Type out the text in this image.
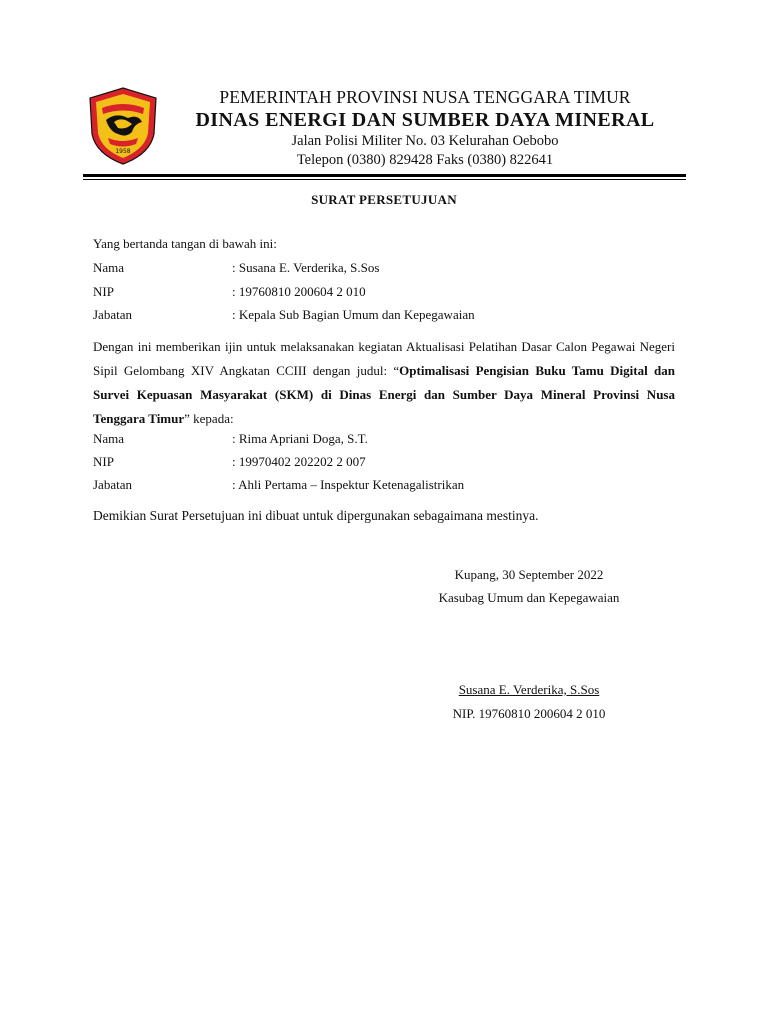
1958
PEMERINTAH PROVINSI NUSA TENGGARA TIMUR
DINAS ENERGI DAN SUMBER DAYA MINERAL
Jalan Polisi Militer No. 03 Kelurahan Oebobo
Telepon (0380) 829428 Faks (0380) 822641
SURAT PERSETUJUAN
Yang bertanda tangan di bawah ini:
Nama	: Susana E. Verderika, S.Sos
NIP	: 19760810 200604 2 010
Jabatan	: Kepala Sub Bagian Umum dan Kepegawaian
Dengan ini memberikan ijin untuk melaksanakan kegiatan Aktualisasi Pelatihan Dasar Calon Pegawai Negeri Sipil Gelombang XIV Angkatan CCIII dengan judul: “Optimalisasi Pengisian Buku Tamu Digital dan Survei Kepuasan Masyarakat (SKM) di Dinas Energi dan Sumber Daya Mineral Provinsi Nusa Tenggara Timur” kepada:
Nama	: Rima Apriani Doga, S.T.
NIP	: 19970402 202202 2 007
Jabatan	: Ahli Pertama – Inspektur Ketenagalistrikan
Demikian Surat Persetujuan ini dibuat untuk dipergunakan sebagaimana mestinya.
Kupang, 30 September 2022
Kasubag Umum dan Kepegawaian
Susana E. Verderika, S.Sos
NIP. 19760810 200604 2 010
